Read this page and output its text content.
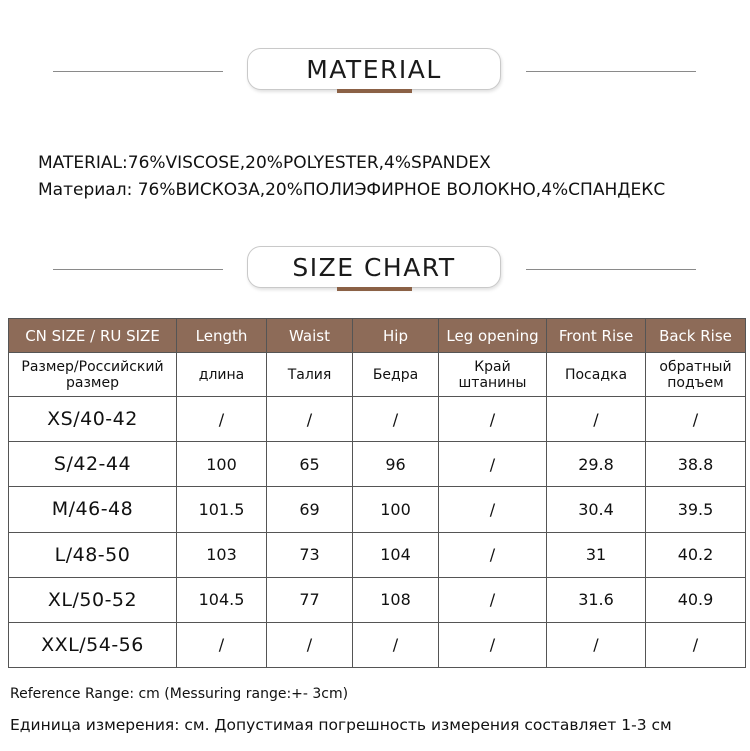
MATERIAL
MATERIAL:76%VISCOSE,20%POLYESTER,4%SPANDEX
Материал: 76%ВИСКОЗА,20%ПОЛИЭФИРНОЕ ВОЛОКНО,4%СПАНДЕКС
SIZE CHART
CN SIZE / RU SIZE	Length	Waist	Hip	Leg opening	Front Rise	Back Rise
Размер/Российский размер	длина	Талия	Бедра	Край штанины	Посадка	обратный подъем
XS/40-42	/	/	/	/	/	/
S/42-44	100	65	96	/	29.8	38.8
M/46-48	101.5	69	100	/	30.4	39.5
L/48-50	103	73	104	/	31	40.2
XL/50-52	104.5	77	108	/	31.6	40.9
XXL/54-56	/	/	/	/	/	/
Reference Range: cm (Messuring range:+- 3cm)
Единица измерения: см. Допустимая погрешность измерения составляет 1-3 см
